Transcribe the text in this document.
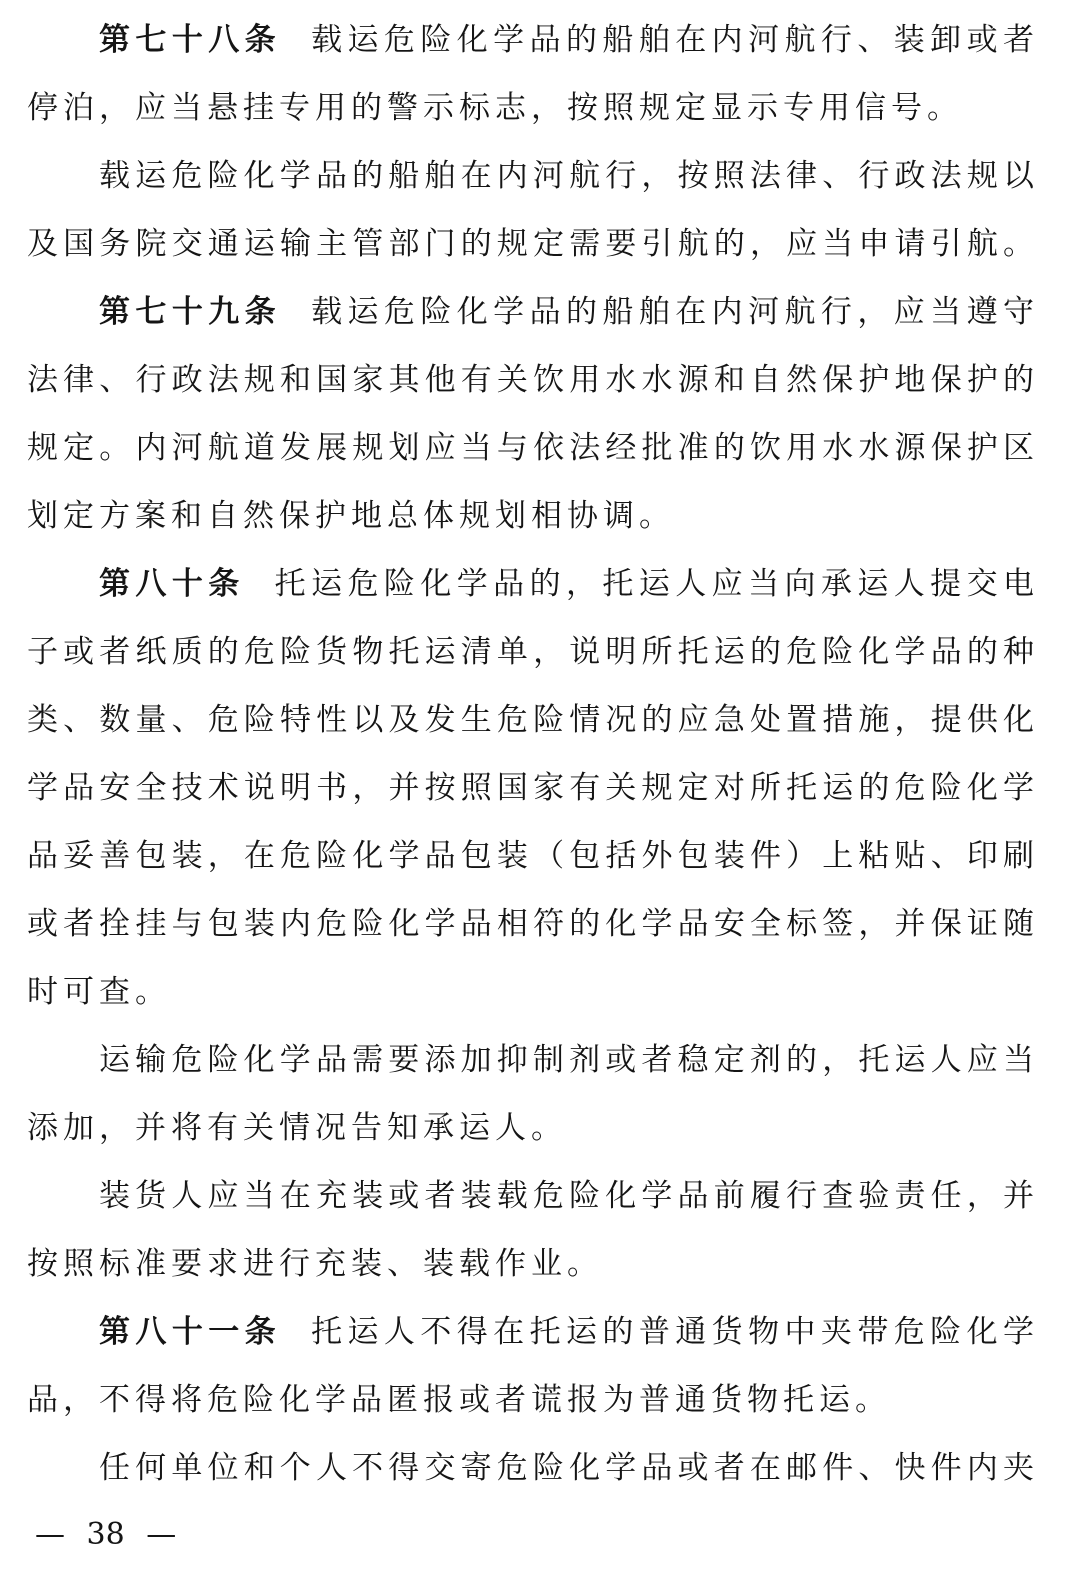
第七十八条 载运危险化学品的船舶在内河航行、装卸或者
停泊，应当悬挂专用的警示标志，按照规定显示专用信号。
载运危险化学品的船舶在内河航行，按照法律、行政法规以
及国务院交通运输主管部门的规定需要引航的，应当申请引航。
第七十九条 载运危险化学品的船舶在内河航行，应当遵守
法律、行政法规和国家其他有关饮用水水源和自然保护地保护的
规定。内河航道发展规划应当与依法经批准的饮用水水源保护区
划定方案和自然保护地总体规划相协调。
第八十条 托运危险化学品的，托运人应当向承运人提交电
子或者纸质的危险货物托运清单，说明所托运的危险化学品的种
类、数量、危险特性以及发生危险情况的应急处置措施，提供化
学品安全技术说明书，并按照国家有关规定对所托运的危险化学
品妥善包装，在危险化学品包装（包括外包装件）上粘贴、印刷
或者拴挂与包装内危险化学品相符的化学品安全标签，并保证随
时可查。
运输危险化学品需要添加抑制剂或者稳定剂的，托运人应当
添加，并将有关情况告知承运人。
装货人应当在充装或者装载危险化学品前履行查验责任，并
按照标准要求进行充装、装载作业。
第八十一条 托运人不得在托运的普通货物中夹带危险化学
品，不得将危险化学品匿报或者谎报为普通货物托运。
任何单位和个人不得交寄危险化学品或者在邮件、快件内夹
— 38 —
